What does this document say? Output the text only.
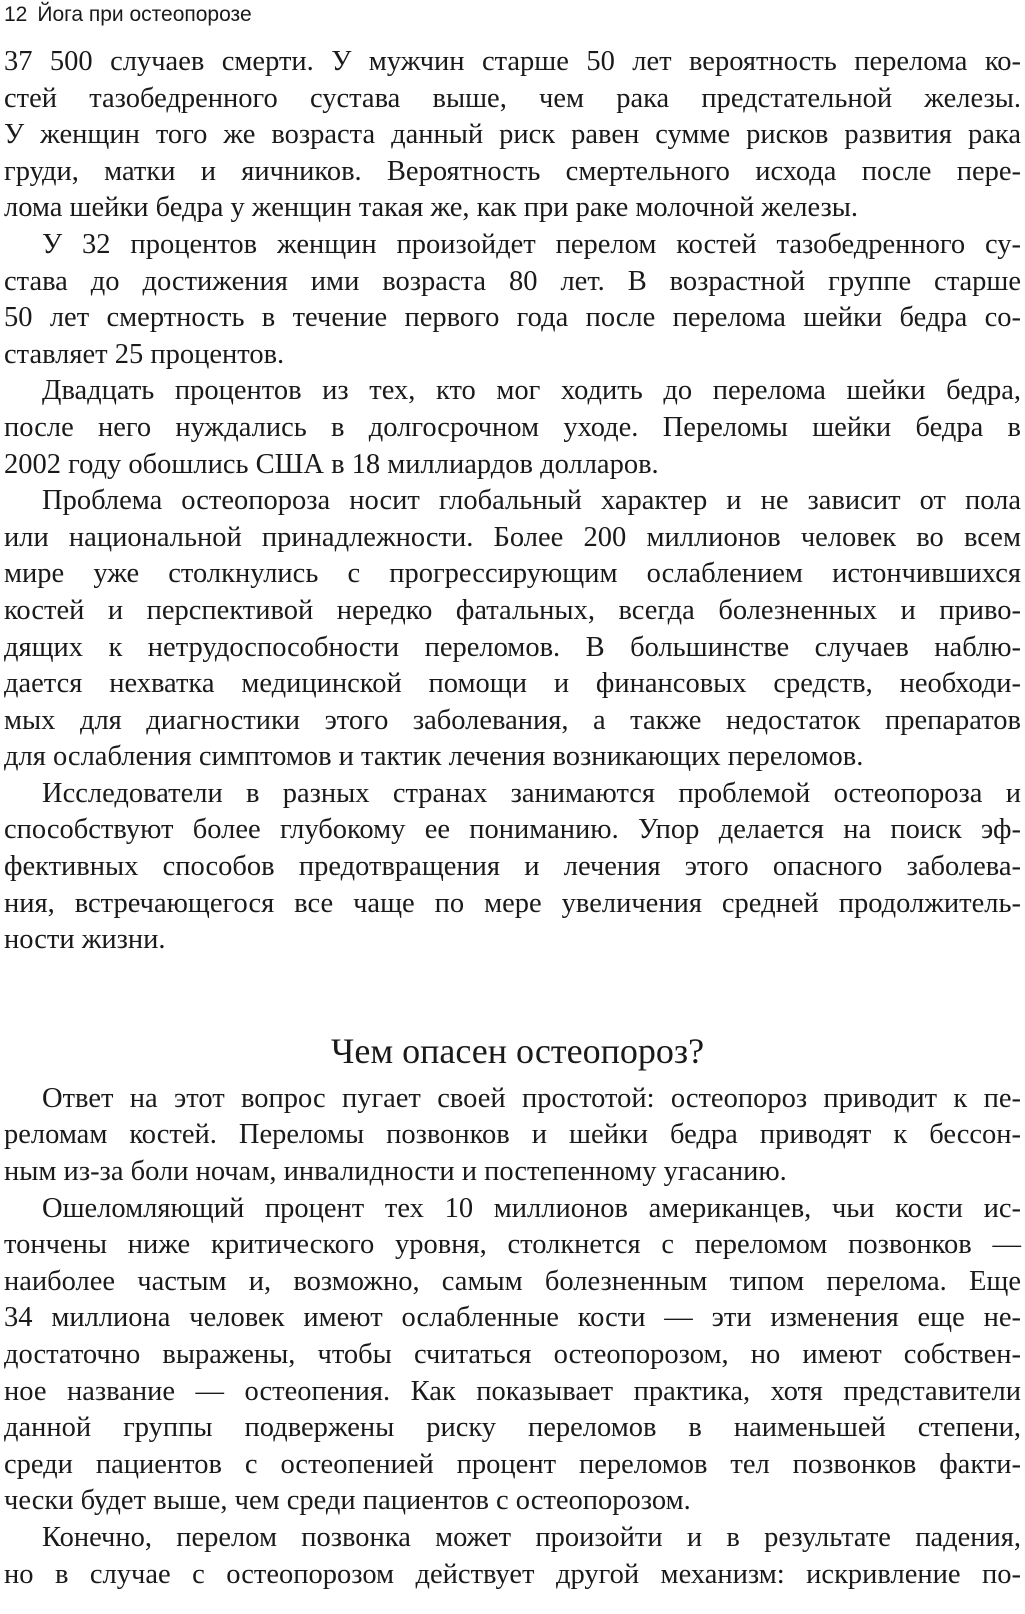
12 Йога при остеопорозе
37 500 случаев смерти. У мужчин старше 50 лет вероятность перелома ко-
стей тазобедренного сустава выше, чем рака предстательной железы.
У женщин того же возраста данный риск равен сумме рисков развития рака
груди, матки и яичников. Вероятность смертельного исхода после пере-
лома шейки бедра у женщин такая же, как при раке молочной железы.
У 32 процентов женщин произойдет перелом костей тазобедренного су-
става до достижения ими возраста 80 лет. В возрастной группе старше
50 лет смертность в течение первого года после перелома шейки бедра со-
ставляет 25 процентов.
Двадцать процентов из тех, кто мог ходить до перелома шейки бедра,
после него нуждались в долгосрочном уходе. Переломы шейки бедра в
2002 году обошлись США в 18 миллиардов долларов.
Проблема остеопороза носит глобальный характер и не зависит от пола
или национальной принадлежности. Более 200 миллионов человек во всем
мире уже столкнулись с прогрессирующим ослаблением истончившихся
костей и перспективой нередко фатальных, всегда болезненных и приво-
дящих к нетрудоспособности переломов. В большинстве случаев наблю-
дается нехватка медицинской помощи и финансовых средств, необходи-
мых для диагностики этого заболевания, а также недостаток препаратов
для ослабления симптомов и тактик лечения возникающих переломов.
Исследователи в разных странах занимаются проблемой остеопороза и
способствуют более глубокому ее пониманию. Упор делается на поиск эф-
фективных способов предотвращения и лечения этого опасного заболева-
ния, встречающегося все чаще по мере увеличения средней продолжитель-
ности жизни.
Чем опасен остеопороз?
Ответ на этот вопрос пугает своей простотой: остеопороз приводит к пе-
реломам костей. Переломы позвонков и шейки бедра приводят к бессон-
ным из-за боли ночам, инвалидности и постепенному угасанию.
Ошеломляющий процент тех 10 миллионов американцев, чьи кости ис-
тончены ниже критического уровня, столкнется с переломом позвонков —
наиболее частым и, возможно, самым болезненным типом перелома. Еще
34 миллиона человек имеют ослабленные кости — эти изменения еще не-
достаточно выражены, чтобы считаться остеопорозом, но имеют собствен-
ное название — остеопения. Как показывает практика, хотя представители
данной группы подвержены риску переломов в наименьшей степени,
среди пациентов с остеопенией процент переломов тел позвонков факти-
чески будет выше, чем среди пациентов с остеопорозом.
Конечно, перелом позвонка может произойти и в результате падения,
но в случае с остеопорозом действует другой механизм: искривление по-
